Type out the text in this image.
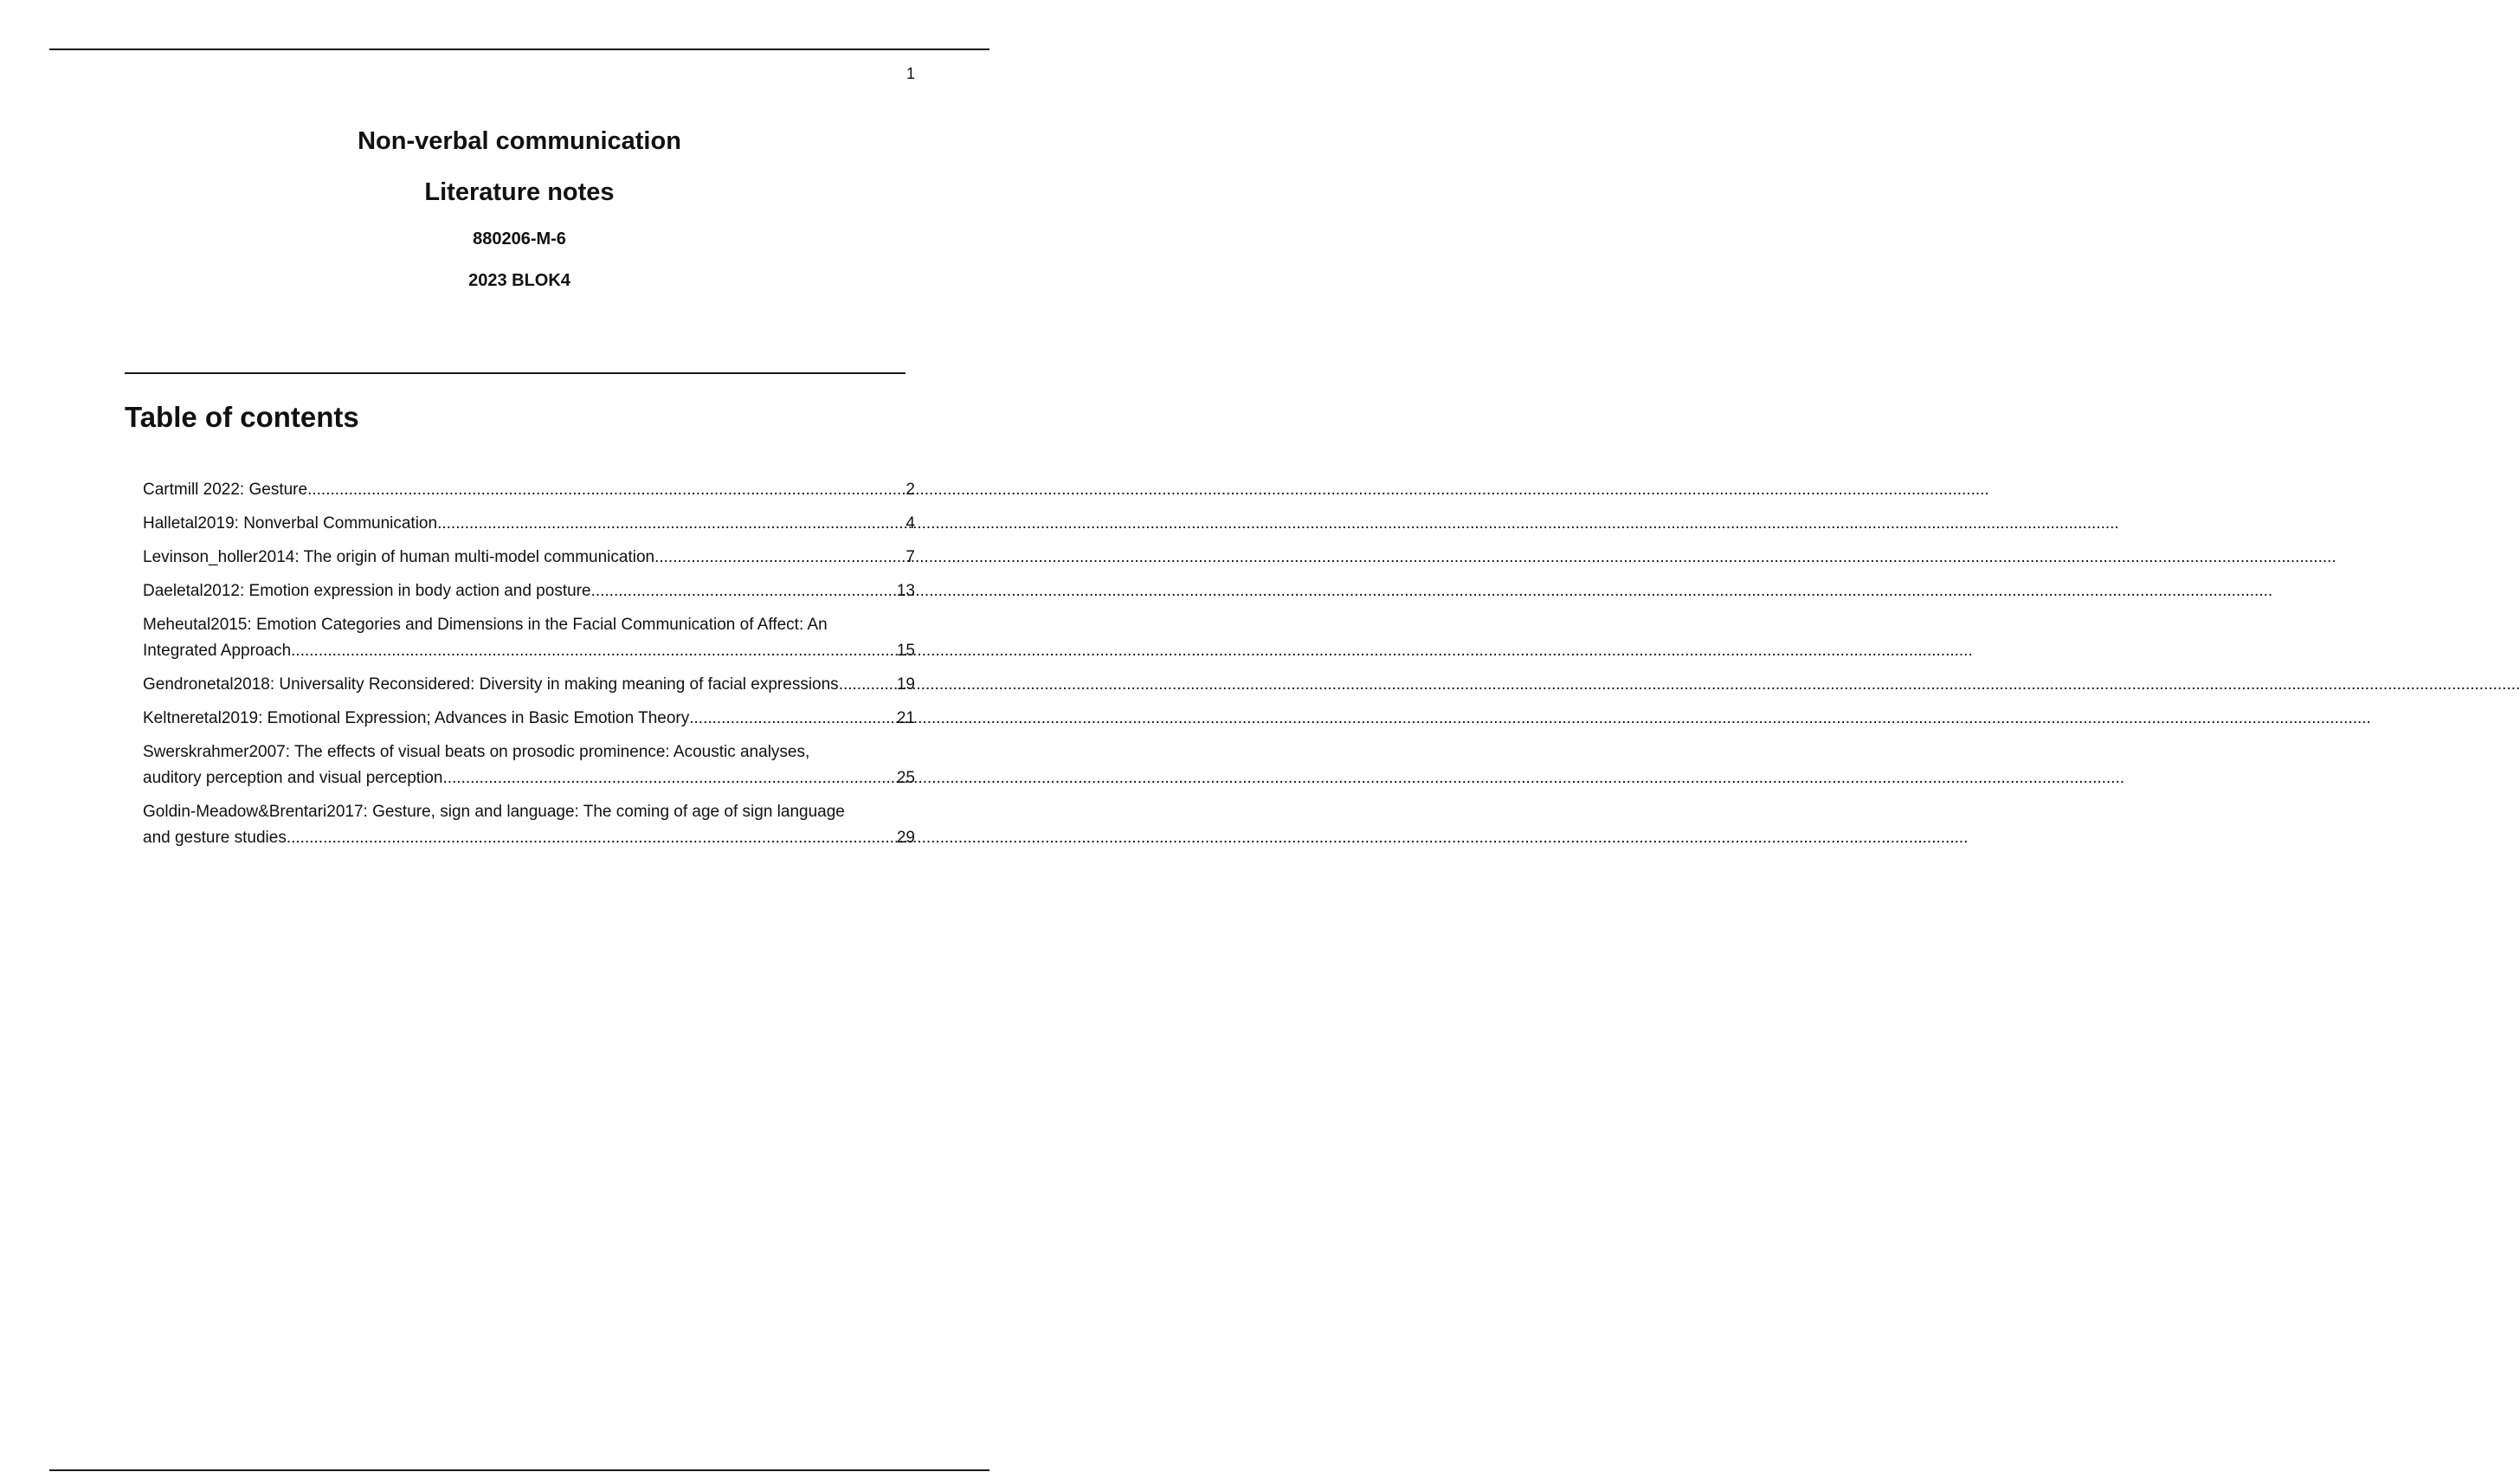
1
Non-verbal communication
Literature notes
880206-M-6
2023 BLOK4
Table of contents
Cartmill 2022: Gesture .....	2
Halletal2019: Nonverbal Communication .....	4
Levinson_holler2014: The origin of human multi-model communication .....	7
Daeletal2012: Emotion expression in body action and posture .....	13
Meheutal2015: Emotion Categories and Dimensions in the Facial Communication of Affect: An
Integrated Approach .....	15
Gendronetal2018: Universality Reconsidered: Diversity in making meaning of facial expressions .....	19
Keltneretal2019: Emotional Expression; Advances in Basic Emotion Theory .....	21
Swerskrahmer2007: The effects of visual beats on prosodic prominence: Acoustic analyses,
auditory perception and visual perception .....	25
Goldin-Meadow&Brentari2017: Gesture, sign and language: The coming of age of sign language
and gesture studies .....	29
